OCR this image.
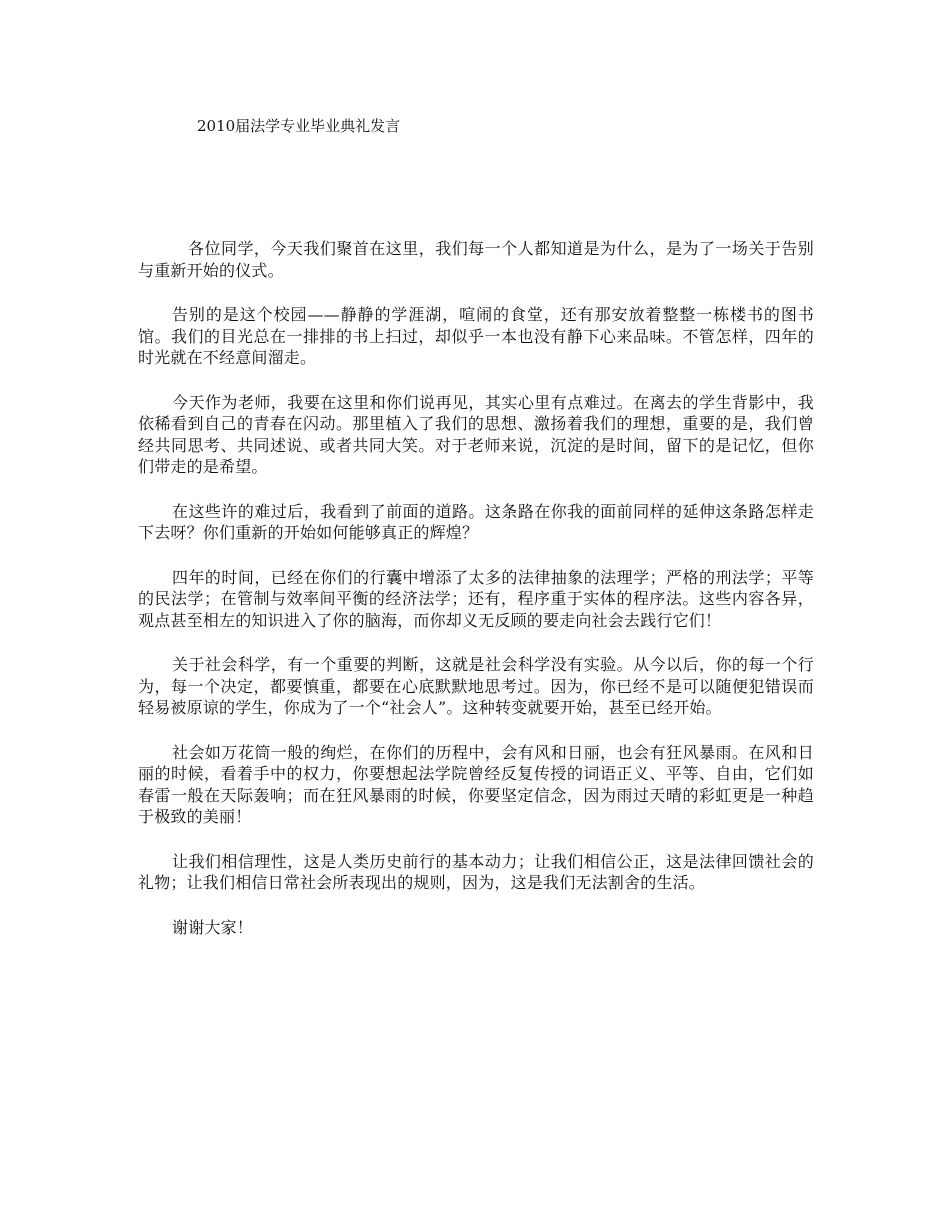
2010届法学专业毕业典礼发言

各位同学，今天我们聚首在这里，我们每一个人都知道是为什么，是为了一场关于告别与重新开始的仪式。

告别的是这个校园——静静的学涯湖，喧闹的食堂，还有那安放着整整一栋楼书的图书馆。我们的目光总在一排排的书上扫过，却似乎一本也没有静下心来品味。不管怎样，四年的时光就在不经意间溜走。

今天作为老师，我要在这里和你们说再见，其实心里有点难过。在离去的学生背影中，我依稀看到自己的青春在闪动。那里植入了我们的思想、激扬着我们的理想，重要的是，我们曾经共同思考、共同述说、或者共同大笑。对于老师来说，沉淀的是时间，留下的是记忆，但你们带走的是希望。

在这些许的难过后，我看到了前面的道路。这条路在你我的面前同样的延伸这条路怎样走下去呀？你们重新的开始如何能够真正的辉煌？

四年的时间，已经在你们的行囊中增添了太多的法律抽象的法理学；严格的刑法学；平等的民法学；在管制与效率间平衡的经济法学；还有，程序重于实体的程序法。这些内容各异，观点甚至相左的知识进入了你的脑海，而你却义无反顾的要走向社会去践行它们！

关于社会科学，有一个重要的判断，这就是社会科学没有实验。从今以后，你的每一个行为，每一个决定，都要慎重，都要在心底默默地思考过。因为，你已经不是可以随便犯错误而轻易被原谅的学生，你成为了一个“社会人”。这种转变就要开始，甚至已经开始。

社会如万花筒一般的绚烂，在你们的历程中，会有风和日丽，也会有狂风暴雨。在风和日丽的时候，看着手中的权力，你要想起法学院曾经反复传授的词语正义、平等、自由，它们如春雷一般在天际轰响；而在狂风暴雨的时候，你要坚定信念，因为雨过天晴的彩虹更是一种趋于极致的美丽！

让我们相信理性，这是人类历史前行的基本动力；让我们相信公正，这是法律回馈社会的礼物；让我们相信日常社会所表现出的规则，因为，这是我们无法割舍的生活。

谢谢大家！
